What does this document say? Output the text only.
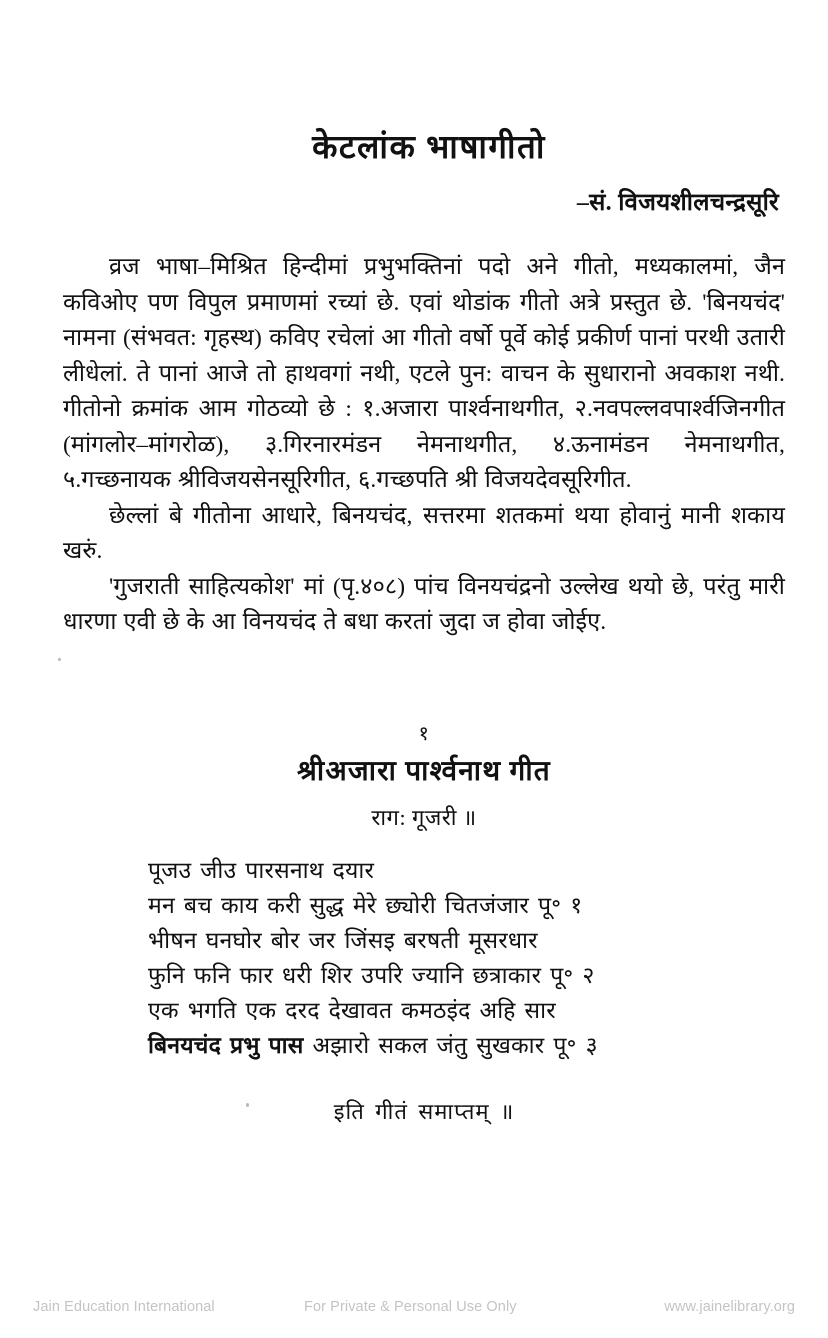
केटलांक भाषागीतो
–सं. विजयशीलचन्द्रसूरि

व्रज भाषा–मिश्रित हिन्दीमां प्रभुभक्तिनां पदो अने गीतो, मध्यकालमां, जैन कविओए पण विपुल प्रमाणमां रच्यां छे. एवां थोडांक गीतो अत्रे प्रस्तुत छे. 'बिनयचंद' नामना (संभवत: गृहस्थ) कविए रचेलां आ गीतो वर्षो पूर्वे कोई प्रकीर्ण पानां परथी उतारी लीधेलां. ते पानां आजे तो हाथवगां नथी, एटले पुन: वाचन के सुधारानो अवकाश नथी. गीतोनो क्रमांक आम गोठव्यो छे : १.अजारा पार्श्वनाथगीत, २.नवपल्लवपार्श्वजिनगीत (मांगलोर–मांगरोळ), ३.गिरनारमंडन नेमनाथगीत, ४.ऊनामंडन नेमनाथगीत, ५.गच्छनायक श्रीविजयसेनसूरिगीत, ६.गच्छपति श्री विजयदेवसूरिगीत.

छेल्लां बे गीतोना आधारे, बिनयचंद, सत्तरमा शतकमां थया होवानुं मानी शकाय खरुं.

'गुजराती साहित्यकोश' मां (पृ.४०८) पांच विनयचंद्रनो उल्लेख थयो छे, परंतु मारी धारणा एवी छे के आ विनयचंद ते बधा करतां जुदा ज होवा जोईए.

१
श्रीअजारा पार्श्वनाथ गीत
राग: गूजरी ॥

पूजउ जीउ पारसनाथ दयार

मन बच काय करी सुद्ध मेरे छ्योरी चितजंजार पू॰ १

भीषन घनघोर बोर जर जिंसइ बरषती मूसरधार

फुनि फनि फार धरी शिर उपरि ज्यानि छत्राकार पू॰ २

एक भगति एक दरद देखावत कमठइंद अहि सार

बिनयचंद प्रभु पास अझारो सकल जंतु सुखकार पू॰ ३

इति गीतं समाप्तम् ॥
Jain Education International	For Private & Personal Use Only	www.jainelibrary.org
